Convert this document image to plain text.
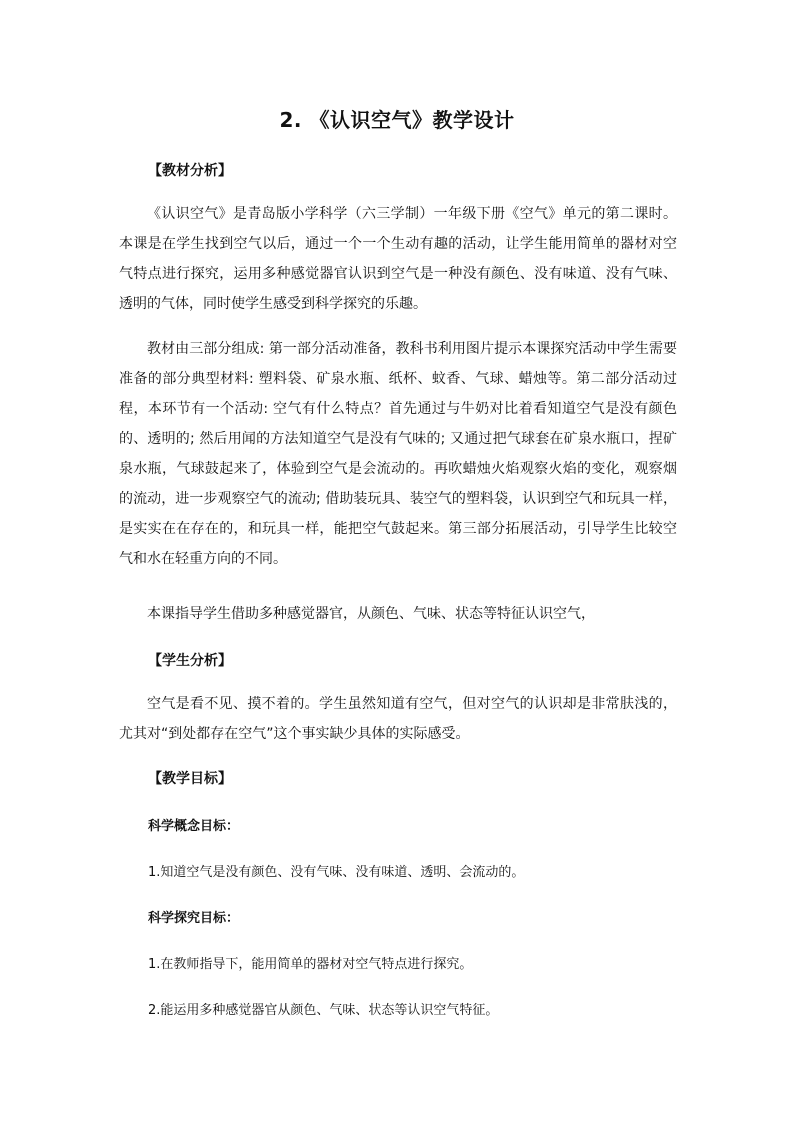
2. 《认识空气》教学设计
【教材分析】
《认识空气》是青岛版小学科学（六三学制）一年级下册《空气》单元的第二课时。本课是在学生找到空气以后，通过一个一个生动有趣的活动，让学生能用简单的器材对空气特点进行探究，运用多种感觉器官认识到空气是一种没有颜色、没有味道、没有气味、透明的气体，同时使学生感受到科学探究的乐趣。
教材由三部分组成: 第一部分活动准备，教科书利用图片提示本课探究活动中学生需要准备的部分典型材料: 塑料袋、矿泉水瓶、纸杯、蚊香、气球、蜡烛等。第二部分活动过程，本环节有一个活动: 空气有什么特点？首先通过与牛奶对比着看知道空气是没有颜色的、透明的; 然后用闻的方法知道空气是没有气味的; 又通过把气球套在矿泉水瓶口，捏矿泉水瓶，气球鼓起来了，体验到空气是会流动的。再吹蜡烛火焰观察火焰的变化，观察烟的流动，进一步观察空气的流动; 借助装玩具、装空气的塑料袋，认识到空气和玩具一样，是实实在在存在的，和玩具一样，能把空气鼓起来。第三部分拓展活动，引导学生比较空气和水在轻重方向的不同。
本课指导学生借助多种感觉器官，从颜色、气味、状态等特征认识空气，
【学生分析】
空气是看不见、摸不着的。学生虽然知道有空气，但对空气的认识却是非常肤浅的，尤其对“到处都存在空气”这个事实缺少具体的实际感受。
【教学目标】
科学概念目标：
1.知道空气是没有颜色、没有气味、没有味道、透明、会流动的。
科学探究目标：
1.在教师指导下，能用简单的器材对空气特点进行探究。
2.能运用多种感觉器官从颜色、气味、状态等认识空气特征。
